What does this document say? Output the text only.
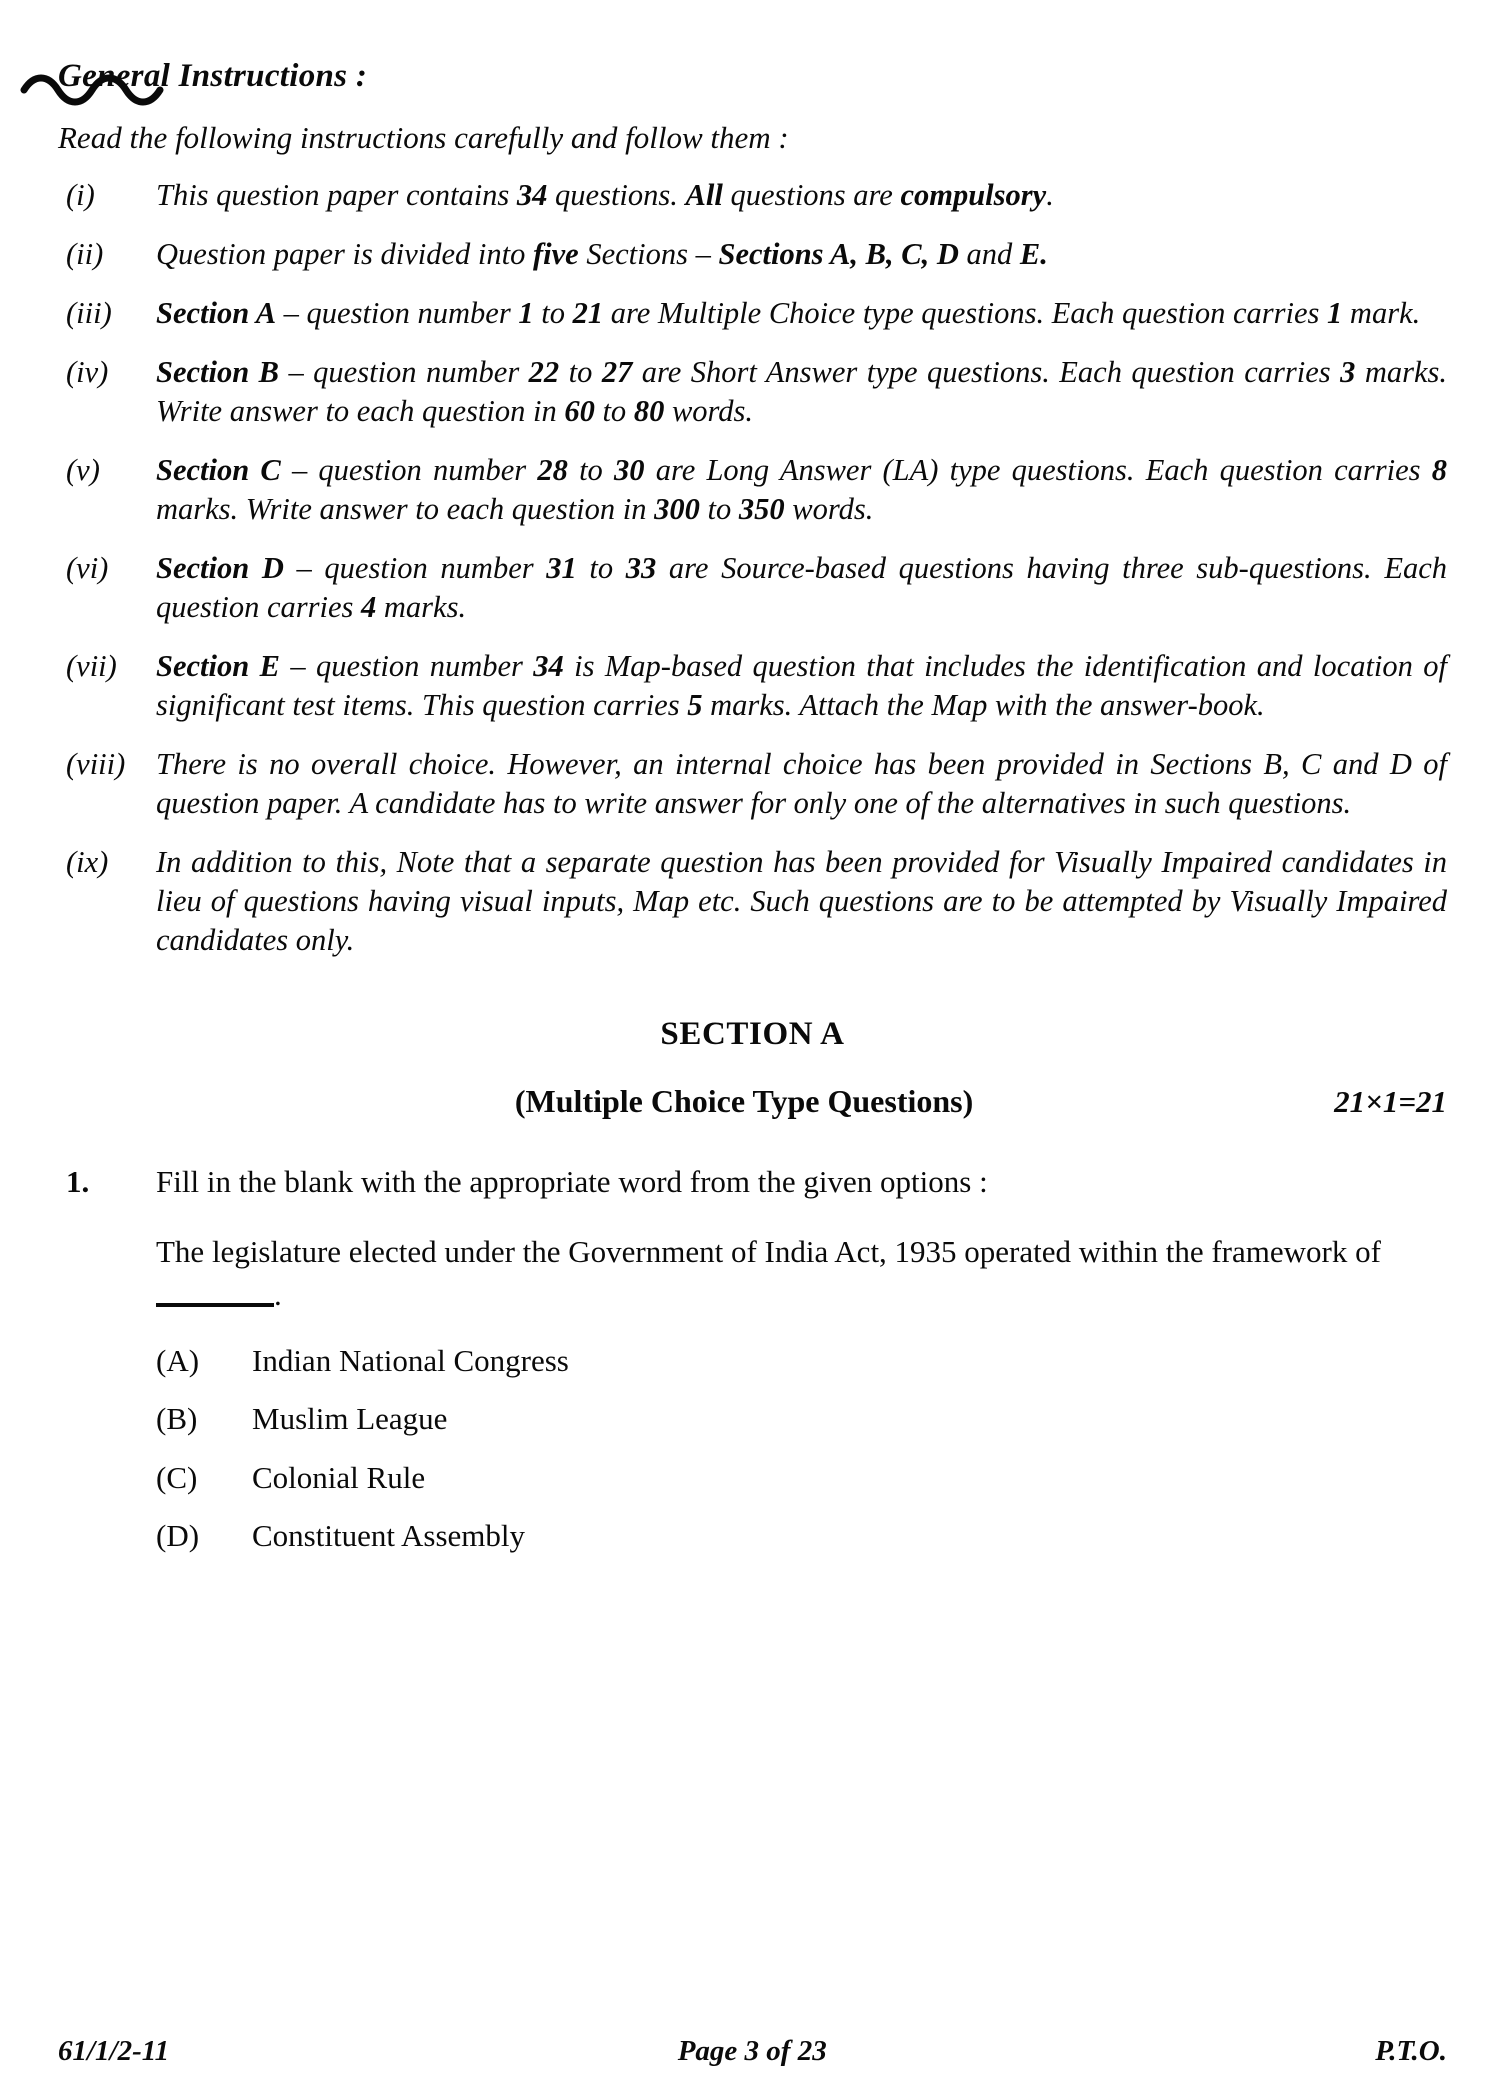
General Instructions :
Read the following instructions carefully and follow them :
(i)	This question paper contains 34 questions. All questions are compulsory.
(ii)	Question paper is divided into five Sections – Sections A, B, C, D and E.
(iii)	Section A – question number 1 to 21 are Multiple Choice type questions. Each question carries 1 mark.
(iv)	Section B – question number 22 to 27 are Short Answer type questions. Each question carries 3 marks. Write answer to each question in 60 to 80 words.
(v)	Section C – question number 28 to 30 are Long Answer (LA) type questions. Each question carries 8 marks. Write answer to each question in 300 to 350 words.
(vi)	Section D – question number 31 to 33 are Source-based questions having three sub-questions. Each question carries 4 marks.
(vii)	Section E – question number 34 is Map-based question that includes the identification and location of significant test items. This question carries 5 marks. Attach the Map with the answer-book.
(viii)	There is no overall choice. However, an internal choice has been provided in Sections B, C and D of question paper. A candidate has to write answer for only one of the alternatives in such questions.
(ix)	In addition to this, Note that a separate question has been provided for Visually Impaired candidates in lieu of questions having visual inputs, Map etc. Such questions are to be attempted by Visually Impaired candidates only.
SECTION A
(Multiple Choice Type Questions)	21×1=21
1.	Fill in the blank with the appropriate word from the given options :
The legislature elected under the Government of India Act, 1935 operated within the framework of.
(A)	Indian National Congress
(B)	Muslim League
(C)	Colonial Rule
(D)	Constituent Assembly
61/1/2-11	Page 3 of 23	P.T.O.
